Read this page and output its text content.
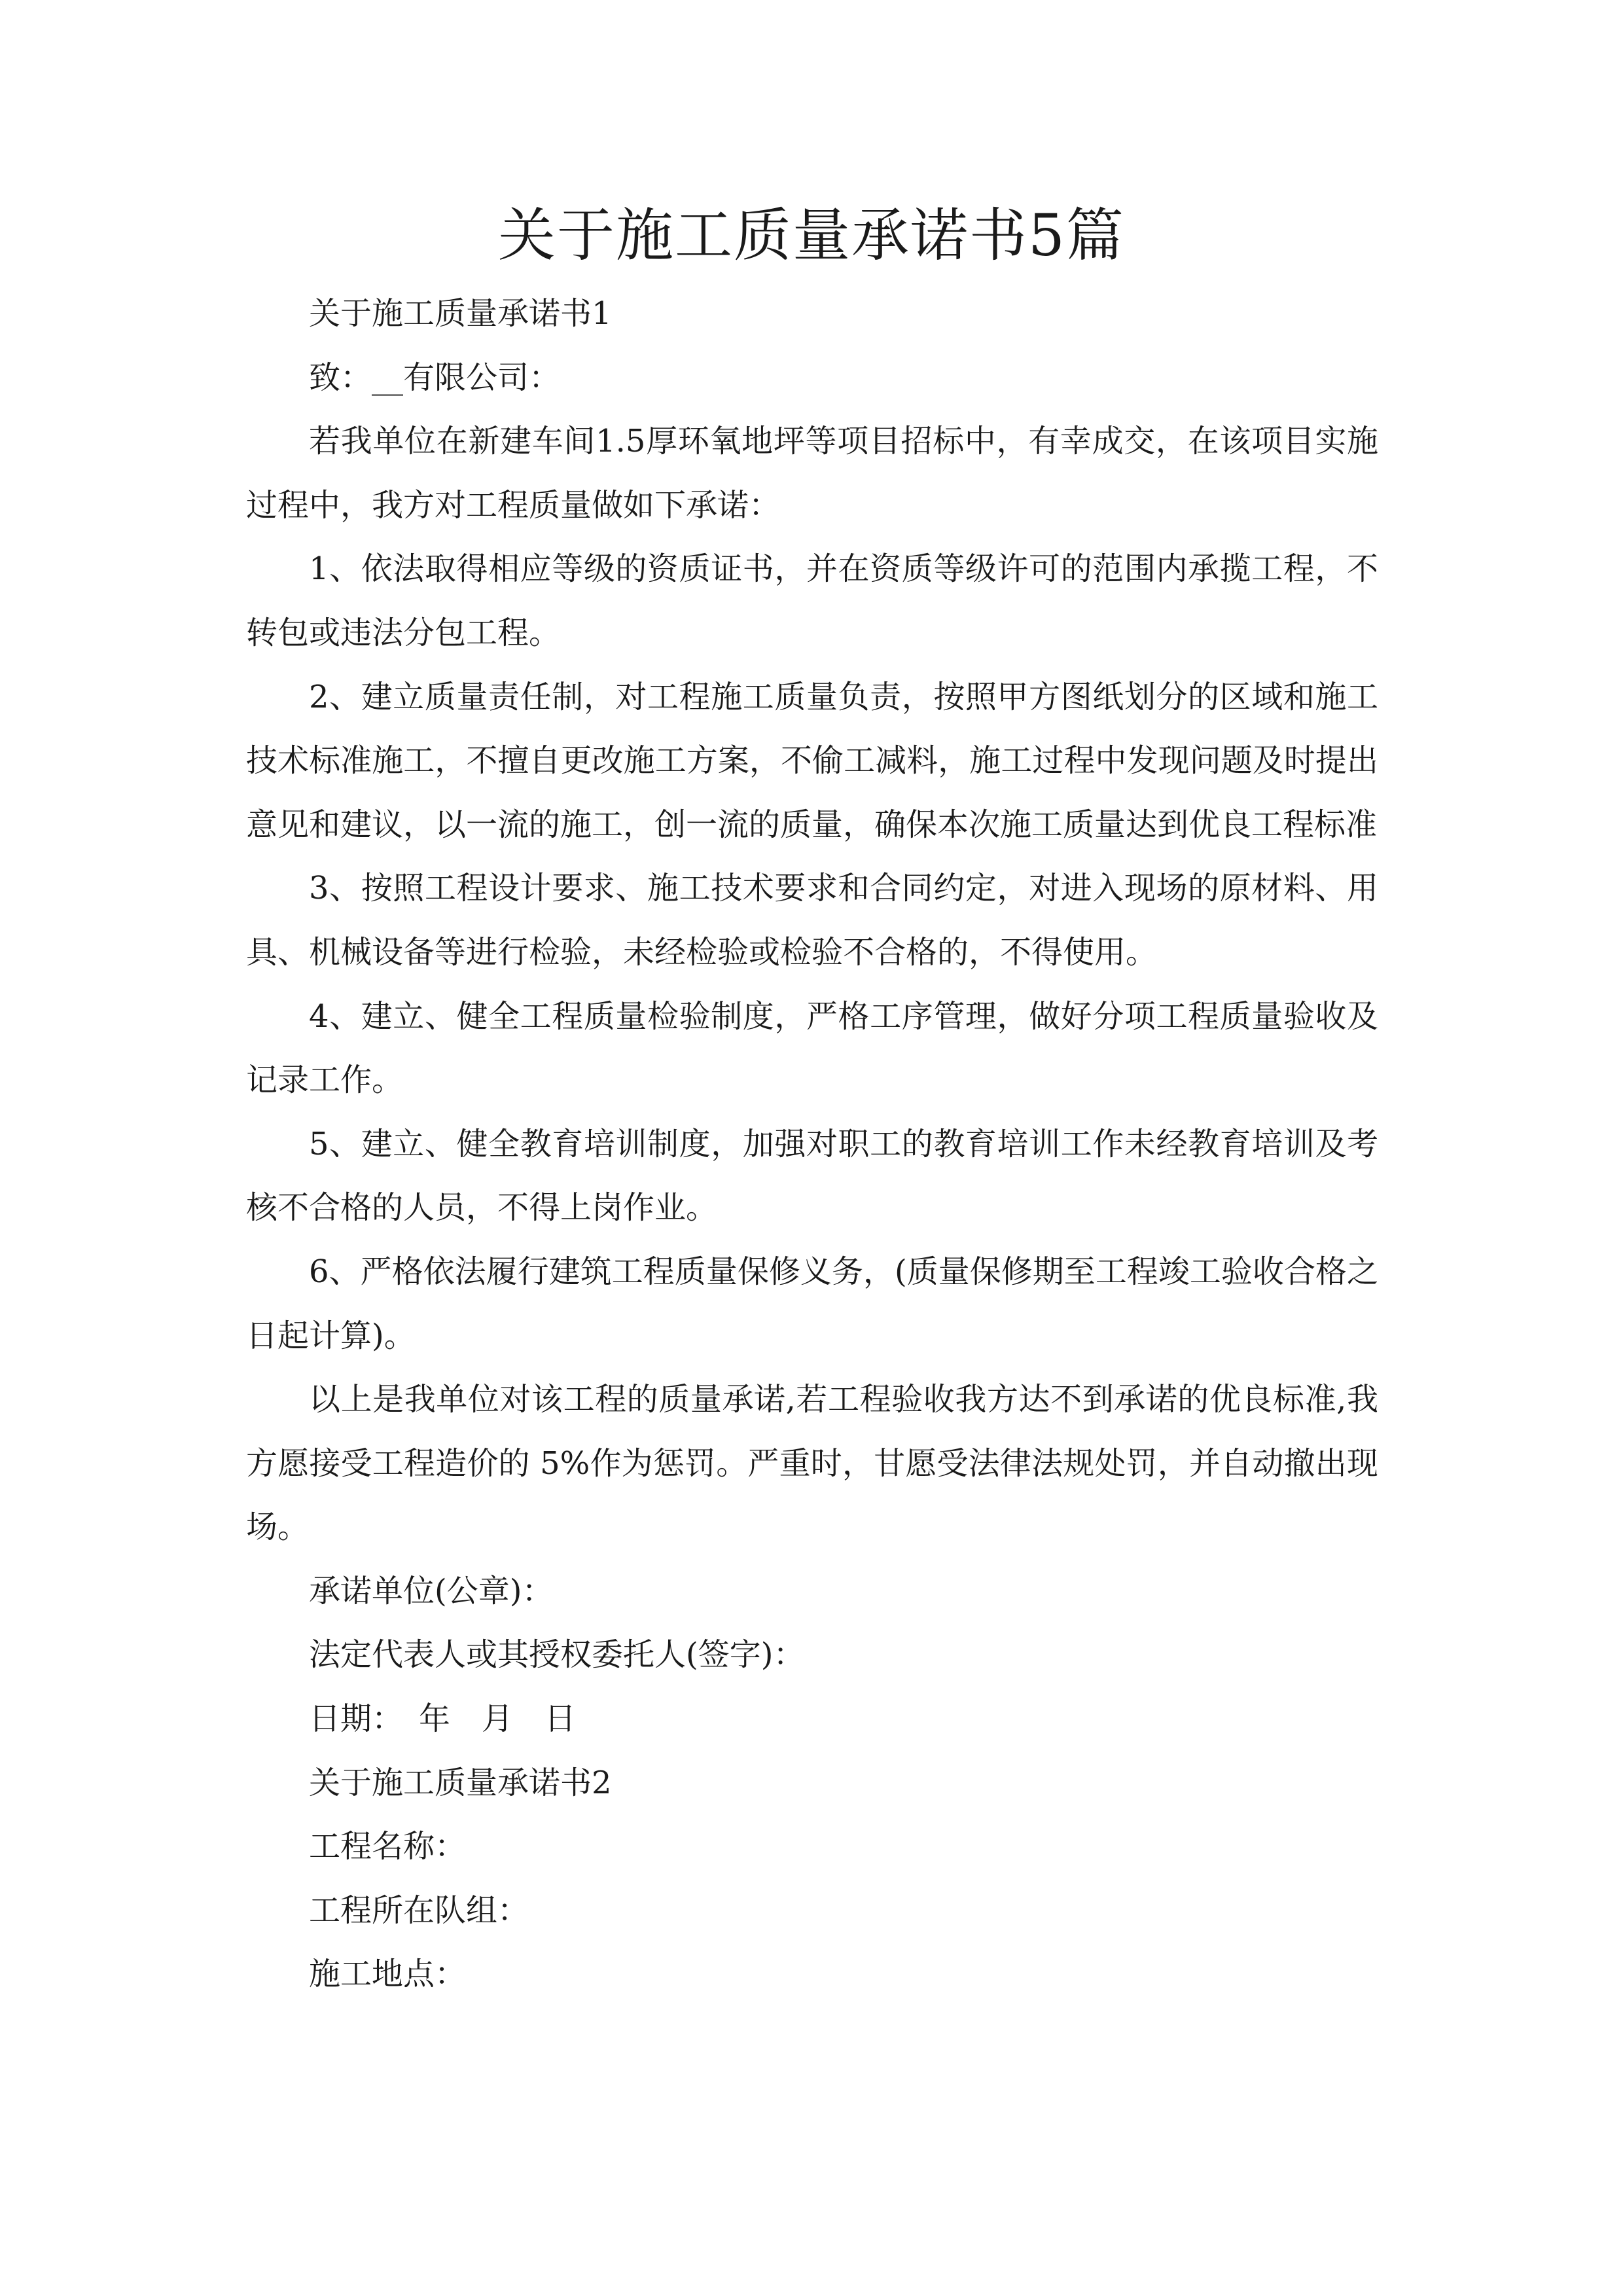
关于施工质量承诺书5篇

关于施工质量承诺书1

致：__有限公司：

若我单位在新建车间1.5厚环氧地坪等项目招标中，有幸成交，在该项目实施过程中，我方对工程质量做如下承诺：

1、依法取得相应等级的资质证书，并在资质等级许可的范围内承揽工程，不转包或违法分包工程。

2、建立质量责任制，对工程施工质量负责，按照甲方图纸划分的区域和施工技术标准施工，不擅自更改施工方案，不偷工减料，施工过程中发现问题及时提出意见和建议，以一流的施工，创一流的质量，确保本次施工质量达到优良工程标准

3、按照工程设计要求、施工技术要求和合同约定，对进入现场的原材料、用具、机械设备等进行检验，未经检验或检验不合格的，不得使用。

4、建立、健全工程质量检验制度，严格工序管理，做好分项工程质量验收及记录工作。

5、建立、健全教育培训制度，加强对职工的教育培训工作未经教育培训及考核不合格的人员，不得上岗作业。

6、严格依法履行建筑工程质量保修义务，(质量保修期至工程竣工验收合格之日起计算)。

以上是我单位对该工程的质量承诺,若工程验收我方达不到承诺的优良标准,我方愿接受工程造价的 5%作为惩罚。严重时，甘愿受法律法规处罚，并自动撤出现场。

承诺单位(公章)：

法定代表人或其授权委托人(签字)：

日期：　年　月　日

关于施工质量承诺书2

工程名称：

工程所在队组：

施工地点：
